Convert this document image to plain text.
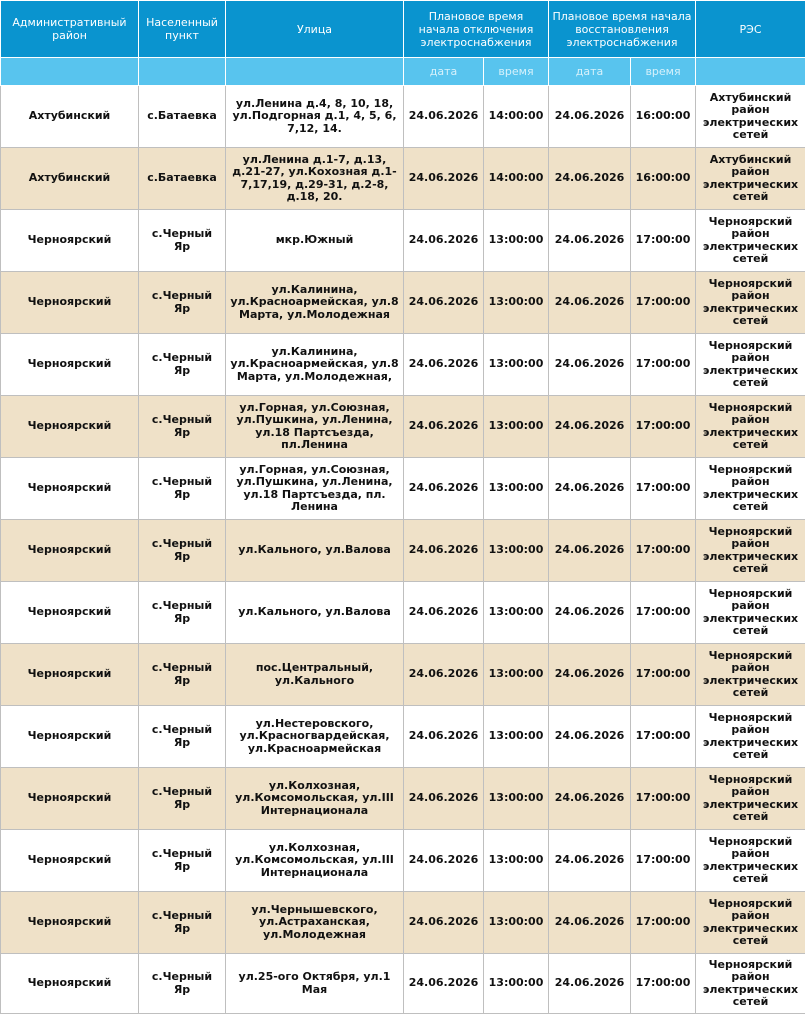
Административный район	Населенный пункт	Улица	Плановое время начала отключения электроснабжения		Плановое время начала восстановления электроснабжения		РЭС
			дата	время	дата	время	
Ахтубинский	с.Батаевка	ул.Ленина д.4, 8, 10, 18, ул.Подгорная д.1, 4, 5, 6, 7,12, 14.	24.06.2026	14:00:00	24.06.2026	16:00:00	Ахтубинский район электрических сетей
Ахтубинский	с.Батаевка	ул.Ленина д.1-7, д.13, д.21-27, ул.Кохозная д.1-7,17,19, д.29-31, д.2-8, д.18, 20.	24.06.2026	14:00:00	24.06.2026	16:00:00	Ахтубинский район электрических сетей
Черноярский	с.Черный Яр	мкр.Южный	24.06.2026	13:00:00	24.06.2026	17:00:00	Черноярский район электрических сетей
Черноярский	с.Черный Яр	ул.Калинина, ул.Красноармейская, ул.8 Марта, ул.Молодежная	24.06.2026	13:00:00	24.06.2026	17:00:00	Черноярский район электрических сетей
Черноярский	с.Черный Яр	ул.Калинина, ул.Красноармейская, ул.8 Марта, ул.Молодежная,	24.06.2026	13:00:00	24.06.2026	17:00:00	Черноярский район электрических сетей
Черноярский	с.Черный Яр	ул.Горная, ул.Союзная, ул.Пушкина, ул.Ленина, ул.18 Партсъезда, пл.Ленина	24.06.2026	13:00:00	24.06.2026	17:00:00	Черноярский район электрических сетей
Черноярский	с.Черный Яр	ул.Горная, ул.Союзная, ул.Пушкина, ул.Ленина, ул.18 Партсъезда, пл. Ленина	24.06.2026	13:00:00	24.06.2026	17:00:00	Черноярский район электрических сетей
Черноярский	с.Черный Яр	ул.Кального, ул.Валова	24.06.2026	13:00:00	24.06.2026	17:00:00	Черноярский район электрических сетей
Черноярский	с.Черный Яр	ул.Кального, ул.Валова	24.06.2026	13:00:00	24.06.2026	17:00:00	Черноярский район электрических сетей
Черноярский	с.Черный Яр	пос.Центральный, ул.Кального	24.06.2026	13:00:00	24.06.2026	17:00:00	Черноярский район электрических сетей
Черноярский	с.Черный Яр	ул.Нестеровского, ул.Красногвардейская, ул.Красноармейская	24.06.2026	13:00:00	24.06.2026	17:00:00	Черноярский район электрических сетей
Черноярский	с.Черный Яр	ул.Колхозная, ул.Комсомольская, ул.III Интернационала	24.06.2026	13:00:00	24.06.2026	17:00:00	Черноярский район электрических сетей
Черноярский	с.Черный Яр	ул.Колхозная, ул.Комсомольская, ул.III Интернационала	24.06.2026	13:00:00	24.06.2026	17:00:00	Черноярский район электрических сетей
Черноярский	с.Черный Яр	ул.Чернышевского, ул.Астраханская, ул.Молодежная	24.06.2026	13:00:00	24.06.2026	17:00:00	Черноярский район электрических сетей
Черноярский	с.Черный Яр	ул.25-ого Октября, ул.1 Мая	24.06.2026	13:00:00	24.06.2026	17:00:00	Черноярский район электрических сетей
